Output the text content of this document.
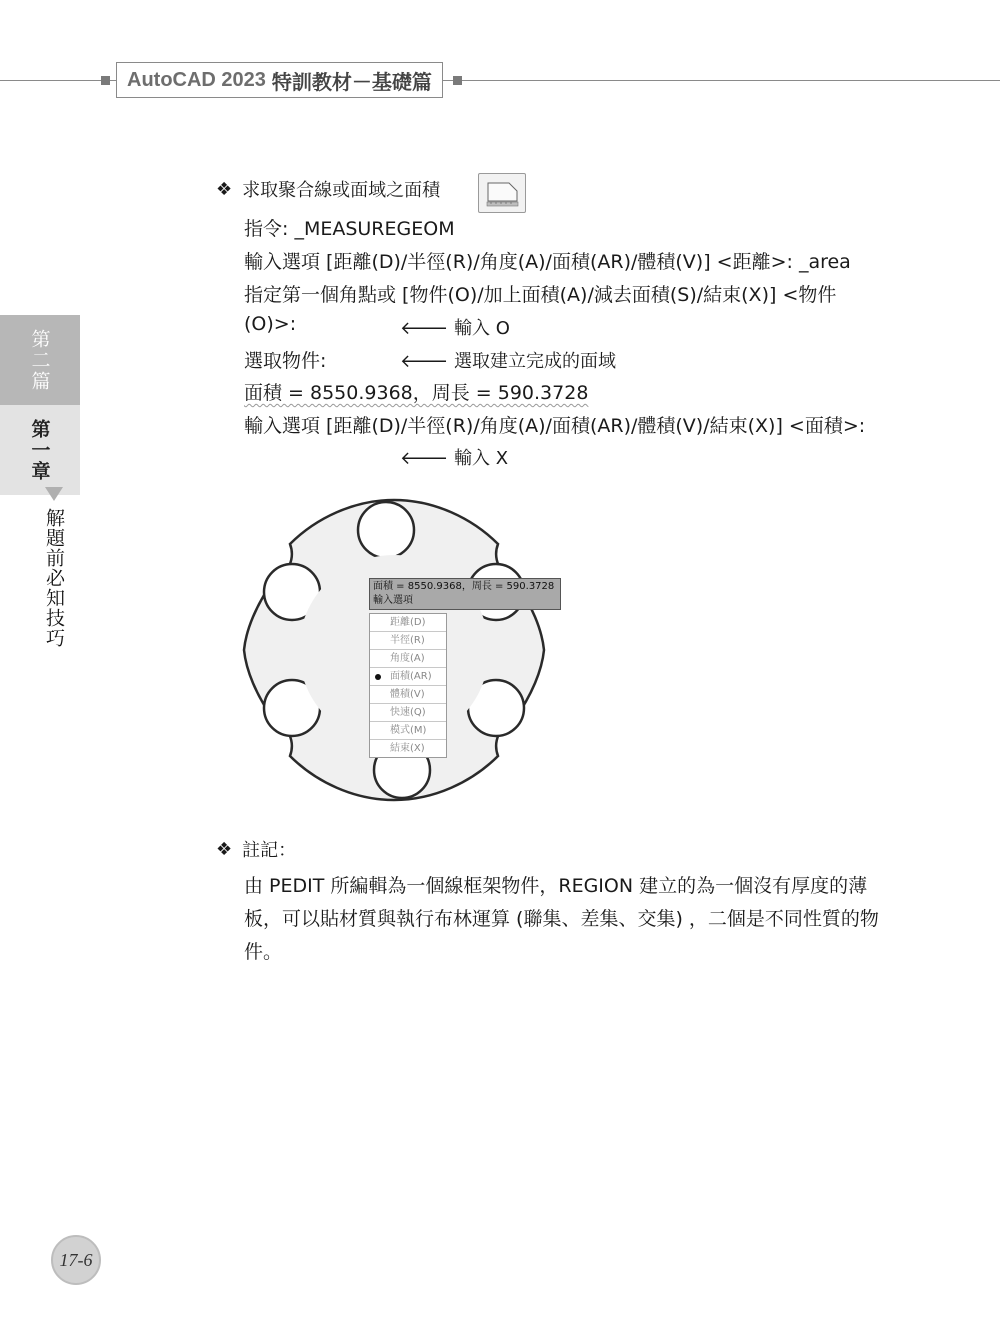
AutoCAD 2023 特訓教材－基礎篇
第二篇
第一章
解題前必知技巧
❖ 求取聚合線或面域之面積
指令: _MEASUREGEOM
輸入選項 [距離(D)/半徑(R)/角度(A)/面積(AR)/體積(V)] <距離>: _area
指定第一個角點或 [物件(O)/加上面積(A)/減去面積(S)/結束(X)] <物件
(O)>:	🡐 輸入 O
選取物件:	🡐 選取建立完成的面域
面積 = 8550.9368，周長 = 590.3728
輸入選項 [距離(D)/半徑(R)/角度(A)/面積(AR)/體積(V)/結束(X)] <面積>:
🡐 輸入 X
面積 = 8550.9368，周長 = 590.3728
輸入選項
距離(D)
半徑(R)
角度(A)
面積(AR)
體積(V)
快速(Q)
模式(M)
結束(X)
❖ 註記：
由 PEDIT 所編輯為一個線框架物件，REGION 建立的為一個沒有厚度的薄板，可以貼材質與執行布林運算 (聯集、差集、交集) ，二個是不同性質的物件。
17-6
